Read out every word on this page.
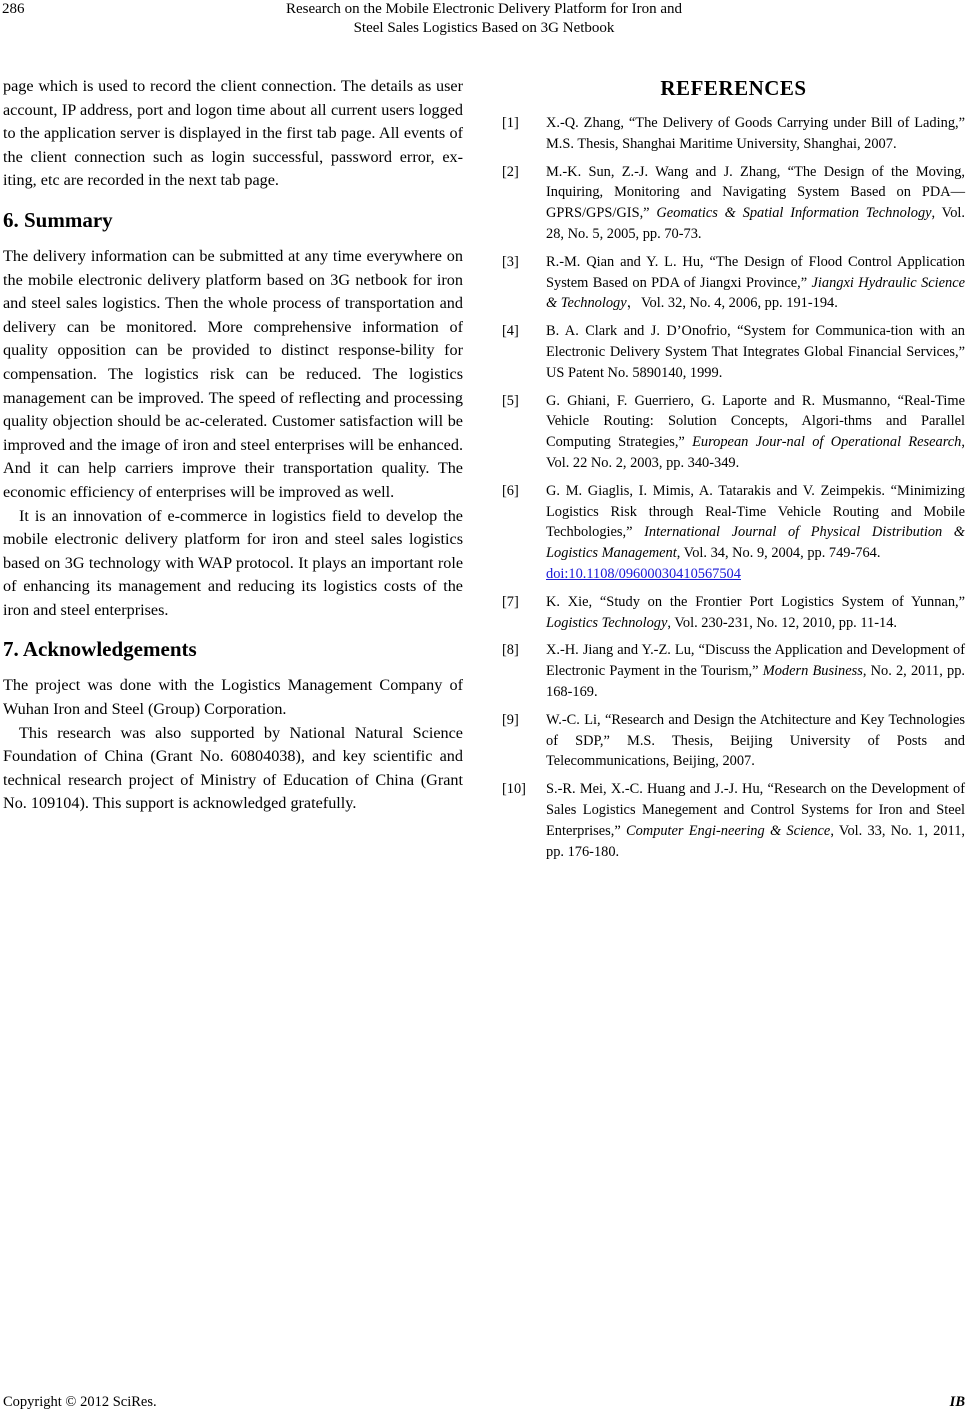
286	Research on the Mobile Electronic Delivery Platform for Iron and
Steel Sales Logistics Based on 3G Netbook

page which is used to record the client connection. The details as user account, IP address, port and logon time about all current users logged to the application server is displayed in the first tab page. All events of the client connection such as login successful, password error, ex-iting, etc are recorded in the next tab page.

6. Summary

The delivery information can be submitted at any time everywhere on the mobile electronic delivery platform based on 3G netbook for iron and steel sales logistics. Then the whole process of transportation and delivery can be monitored. More comprehensive information of quality opposition can be provided to distinct response-bility for compensation. The logistics risk can be reduced. The logistics management can be improved. The speed of reflecting and processing quality objection should be ac-celerated. Customer satisfaction will be improved and the image of iron and steel enterprises will be enhanced. And it can help carriers improve their transportation quality. The economic efficiency of enterprises will be improved as well.

It is an innovation of e-commerce in logistics field to develop the mobile electronic delivery platform for iron and steel sales logistics based on 3G technology with WAP protocol. It plays an important role of enhancing its management and reducing its logistics costs of the iron and steel enterprises.

7. Acknowledgements

The project was done with the Logistics Management Company of Wuhan Iron and Steel (Group) Corporation.

This research was also supported by National Natural Science Foundation of China (Grant No. 60804038), and key scientific and technical research project of Ministry of Education of China (Grant No. 109104). This support is acknowledged gratefully.

REFERENCES
[1] X.-Q. Zhang, “The Delivery of Goods Carrying under Bill of Lading,” M.S. Thesis, Shanghai Maritime University, Shanghai, 2007.
[2] M.-K. Sun, Z.-J. Wang and J. Zhang, “The Design of the Moving, Inquiring, Monitoring and Navigating System Based on PDA—GPRS/GPS/GIS,” Geomatics & Spatial Information Technology, Vol. 28, No. 5, 2005, pp. 70-73.
[3] R.-M. Qian and Y. L. Hu, “The Design of Flood Control Application System Based on PDA of Jiangxi Province,” Jiangxi Hydraulic Science & Technology，Vol. 32, No. 4, 2006, pp. 191-194.
[4] B. A. Clark and J. D’Onofrio, “System for Communica-tion with an Electronic Delivery System That Integrates Global Financial Services,” US Patent No. 5890140, 1999.
[5] G. Ghiani, F. Guerriero, G. Laporte and R. Musmanno, “Real-Time Vehicle Routing: Solution Concepts, Algori-thms and Parallel Computing Strategies,” European Jour-nal of Operational Research, Vol. 22 No. 2, 2003, pp. 340-349.
[6] G. M. Giaglis, I. Mimis, A. Tatarakis and V. Zeimpekis. “Minimizing Logistics Risk through Real-Time Vehicle Routing and Mobile Techbologies,” International Journal of Physical Distribution & Logistics Management, Vol. 34, No. 9, 2004, pp. 749-764.
doi:10.1108/09600030410567504
[7] K. Xie, “Study on the Frontier Port Logistics System of Yunnan,” Logistics Technology, Vol. 230-231, No. 12, 2010, pp. 11-14.
[8] X.-H. Jiang and Y.-Z. Lu, “Discuss the Application and Development of Electronic Payment in the Tourism,” Modern Business, No. 2, 2011, pp. 168-169.
[9] W.-C. Li, “Research and Design the Atchitecture and Key Technologies of SDP,” M.S. Thesis, Beijing University of Posts and Telecommunications, Beijing, 2007.
[10] S.-R. Mei, X.-C. Huang and J.-J. Hu, “Research on the Development of Sales Logistics Manegement and Control Systems for Iron and Steel Enterprises,” Computer Engi-neering & Science, Vol. 33, No. 1, 2011, pp. 176-180.
Copyright © 2012 SciRes.	IB
